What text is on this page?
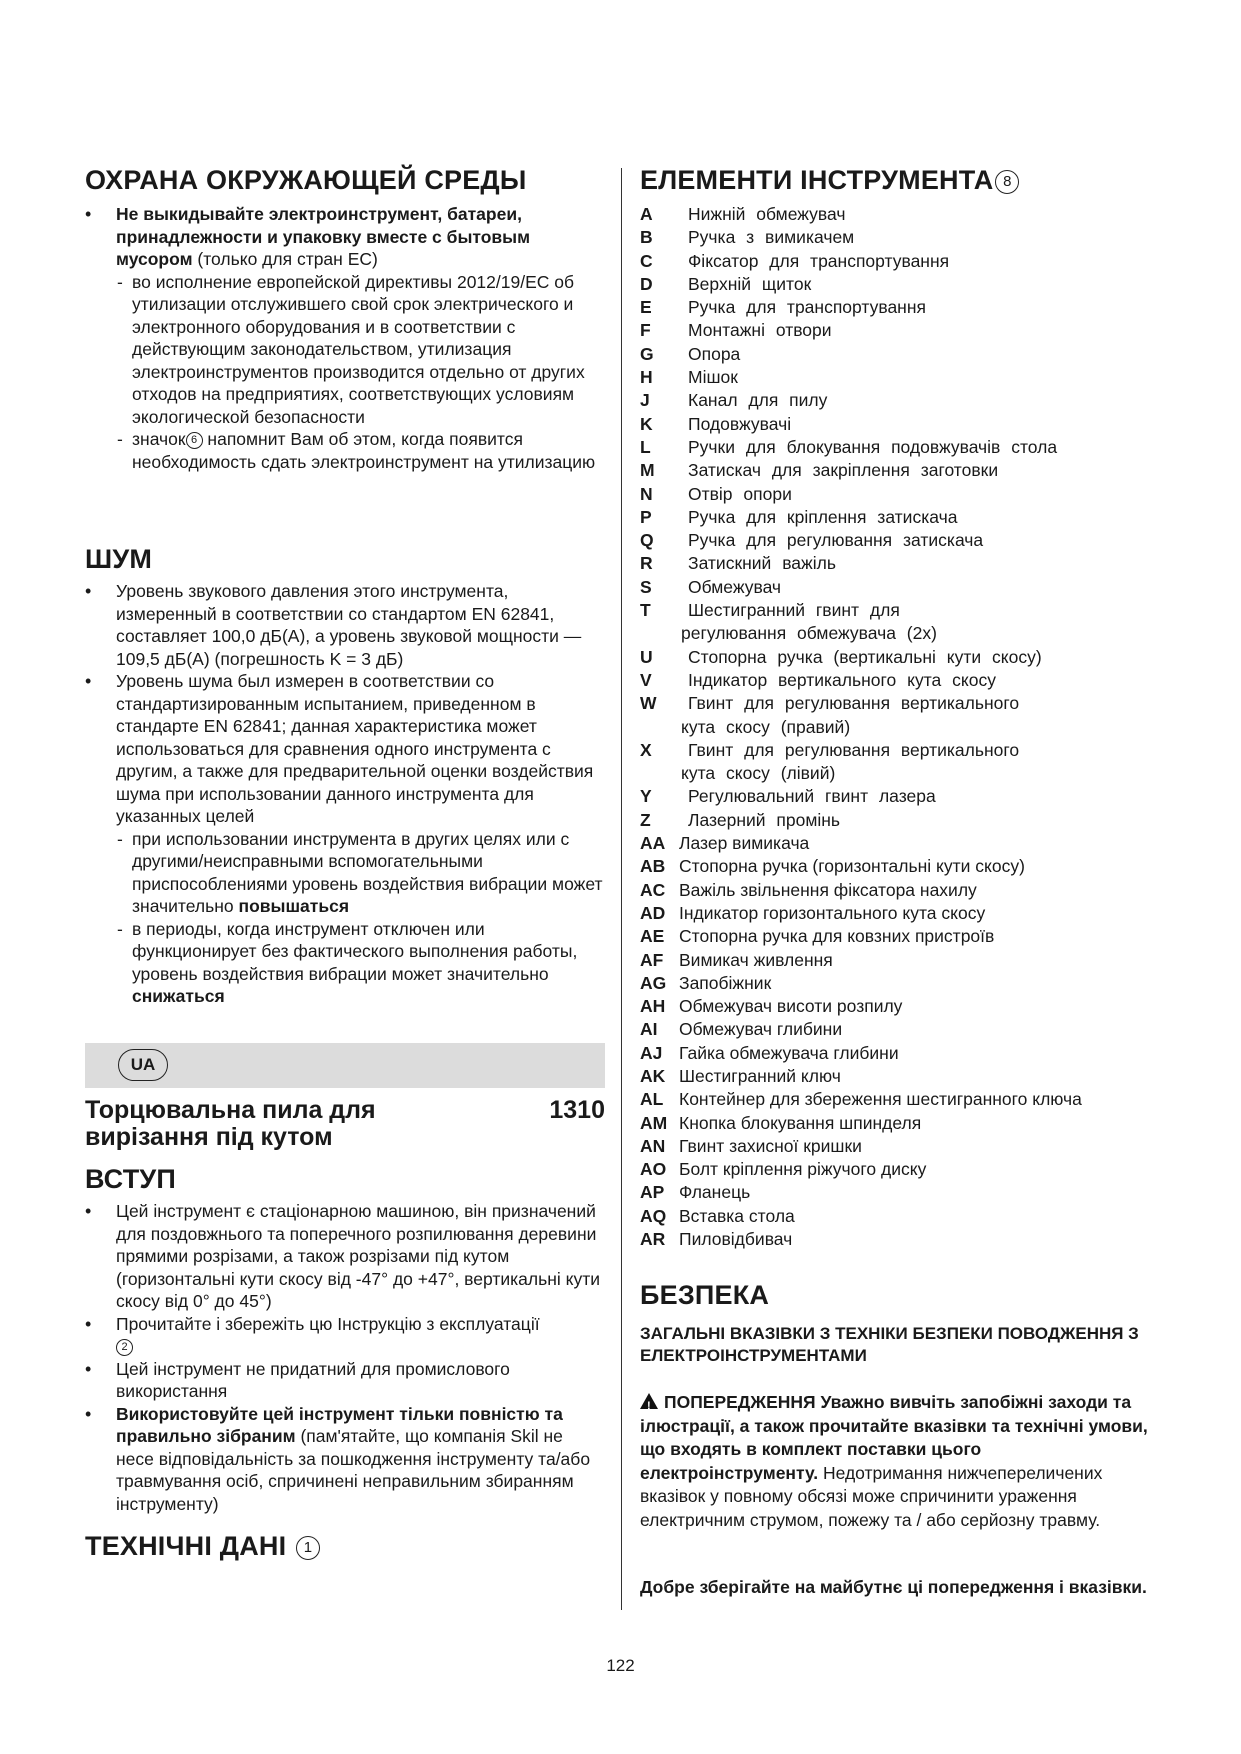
ОХРАНА ОКРУЖАЮЩЕЙ СРЕДЫ

• Не выкидывайте электроинструмент, батареи, принадлежности и упаковку вместе с бытовым мусором (только для стран ЕС)

- во исполнение европейской директивы 2012/19/ЕС об утилизации отслужившего свой срок электрического и электронного оборудования и в соответствии с действующим законодательством, утилизация электроинструментов производится отдельно от других отходов на предприятиях, соответствующих условиям экологической безопасности

- значок 6 напомнит Вам об этом, когда появится необходимость сдать электроинструмент на утилизацию

ШУМ

• Уровень звукового давления этого инструмента, измеренный в соответствии со стандартом EN 62841, составляет 100,0 дБ(А), а уровень звуковой мощности — 109,5 дБ(А) (погрешность K = 3 дБ)

• Уровень шума был измерен в соответствии со стандартизированным испытанием, приведенном в стандарте EN 62841; данная характеристика может использоваться для сравнения одного инструмента с другим, а также для предварительной оценки воздействия шума при использовании данного инструмента для указанных целей

- при использовании инструмента в других целях или с другими/неисправными вспомогательными приспособлениями уровень воздействия вибрации может значительно повышаться

- в периоды, когда инструмент отключен или функционирует без фактического выполнения работы, уровень воздействия вибрации может значительно снижаться

UA
Торцювальна пила для вирізання під кутом
1310
ВСТУП

• Цей інструмент є стаціонарною машиною, він призначений для поздовжнього та поперечного розпилювання деревини прямими розрізами, а також розрізами під кутом (горизонтальні кути скосу від -47° до +47°, вертикальні кути скосу від 0° до 45°)

• Прочитайте і збережіть цю Інструкцію з експлуатації
2

• Цей інструмент не придатний для промислового використання

• Використовуйте цей інструмент тільки повністю та правильно зібраним (пам'ятайте, що компанія Skil не несе відповідальність за пошкодження інструменту та/або травмування осіб, спричинені неправильним збиранням інструменту)

ТЕХНІЧНІ ДАНІ 1
ЕЛЕМЕНТИ ІНСТРУМЕНТА 8
A Нижній обмежувач
B Ручка з вимикачем
C Фіксатор для транспортування
D Верхній щиток
E Ручка для транспортування
F Монтажні отвори
G Опора
H Мішок
J Канал для пилу
K Подовжувачі
L Ручки для блокування подовжувачів стола
M Затискач для закріплення заготовки
N Отвір опори
P Ручка для кріплення затискача
Q Ручка для регулювання затискача
R Затискний важіль
S Обмежувач
T Шестигранний гвинт для
регулювання обмежувача (2x)
U Стопорна ручка (вертикальні кути скосу)
V Індикатор вертикального кута скосу
W Гвинт для регулювання вертикального
кута скосу (правий)
X Гвинт для регулювання вертикального
кута скосу (лівий)
Y Регулювальний гвинт лазера
Z Лазерний промінь
AA Лазер вимикача
AB Стопорна ручка (горизонтальні кути скосу)
AC Важіль звільнення фіксатора нахилу
AD Індикатор горизонтального кута скосу
AE Стопорна ручка для ковзних пристроїв
AF Вимикач живлення
AG Запобіжник
AH Обмежувач висоти розпилу
AI Обмежувач глибини
AJ Гайка обмежувача глибини
AK Шестигранний ключ
AL Контейнер для збереження шестигранного ключа
AM Кнопка блокування шпинделя
AN Гвинт захисної кришки
AO Болт кріплення ріжучого диску
AP Фланець
AQ Вставка стола
AR Пиловідбивач
БЕЗПЕКА
ЗАГАЛЬНІ ВКАЗІВКИ З ТЕХНІКИ БЕЗПЕКИ ПОВОДЖЕННЯ З ЕЛЕКТРОІНСТРУМЕНТАМИ
!ПОПЕРЕДЖЕННЯ Уважно вивчіть запобіжні заходи та ілюстрації, а також прочитайте вказівки та технічні умови, що входять в комплект поставки цього електроінструменту. Недотримання нижчепереличених вказівок у повному обсязі може спричинити ураження електричним струмом, пожежу та / або серйозну травму.
Добре зберігайте на майбутнє ці попередження і вказівки.
122
